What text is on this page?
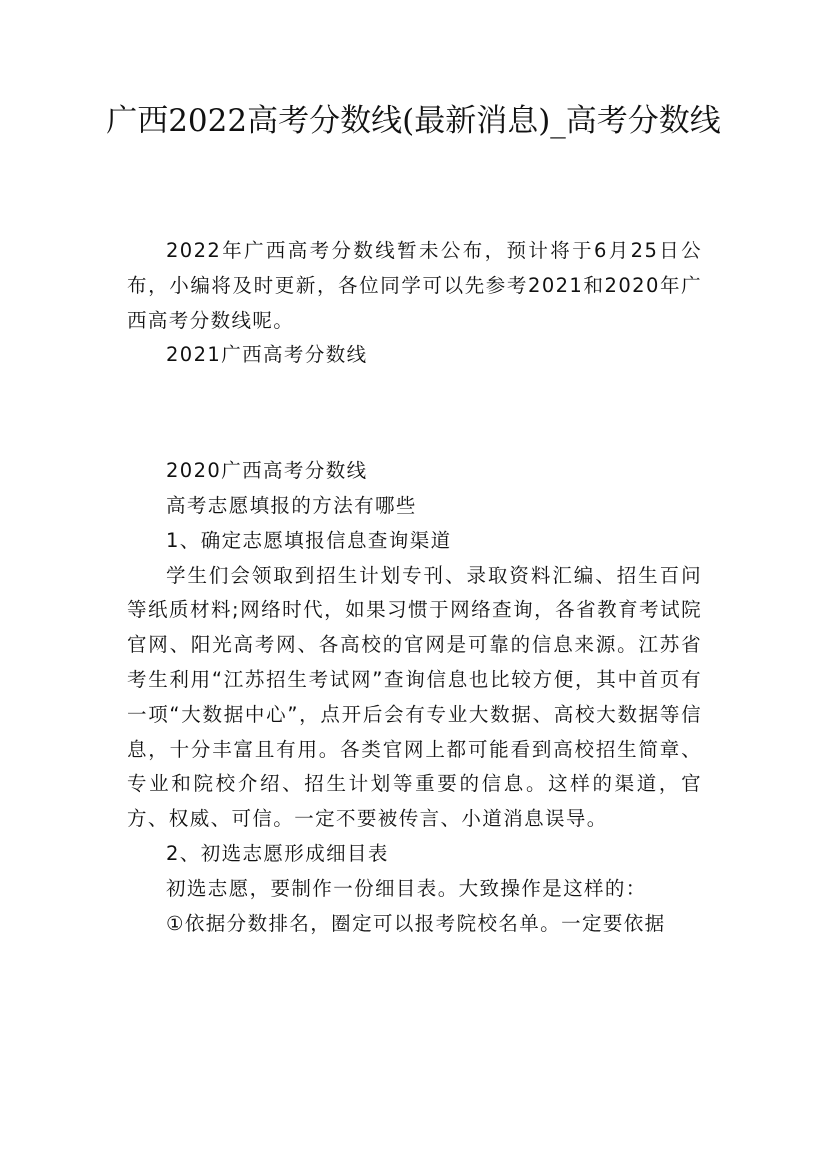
广西2022高考分数线(最新消息)_高考分数线

2022年广西高考分数线暂未公布，预计将于6月25日公布，小编将及时更新，各位同学可以先参考2021和2020年广西高考分数线呢。

2021广西高考分数线

2020广西高考分数线

高考志愿填报的方法有哪些

1、确定志愿填报信息查询渠道

学生们会领取到招生计划专刊、录取资料汇编、招生百问等纸质材料;网络时代，如果习惯于网络查询，各省教育考试院官网、阳光高考网、各高校的官网是可靠的信息来源。江苏省考生利用“江苏招生考试网”查询信息也比较方便，其中首页有一项“大数据中心”，点开后会有专业大数据、高校大数据等信息，十分丰富且有用。各类官网上都可能看到高校招生简章、专业和院校介绍、招生计划等重要的信息。这样的渠道，官方、权威、可信。一定不要被传言、小道消息误导。

2、初选志愿形成细目表

初选志愿，要制作一份细目表。大致操作是这样的：

①依据分数排名，圈定可以报考院校名单。一定要依据
